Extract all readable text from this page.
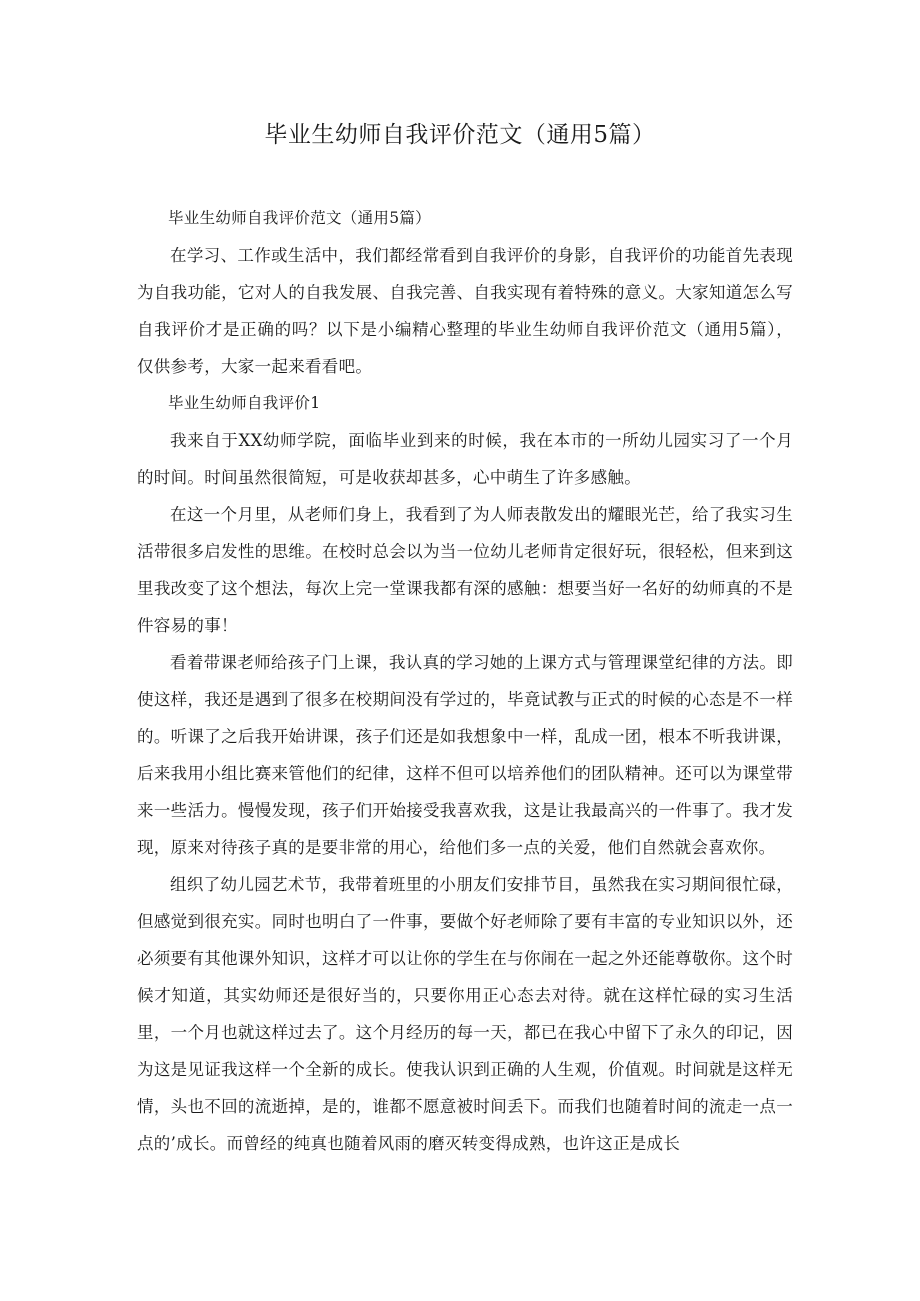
毕业生幼师自我评价范文（通用5篇）

毕业生幼师自我评价范文（通用5篇）

在学习、工作或生活中，我们都经常看到自我评价的身影，自我评价的功能首先表现为自我功能，它对人的自我发展、自我完善、自我实现有着特殊的意义。大家知道怎么写自我评价才是正确的吗？以下是小编精心整理的毕业生幼师自我评价范文（通用5篇），仅供参考，大家一起来看看吧。

毕业生幼师自我评价1

我来自于XX幼师学院，面临毕业到来的时候，我在本市的一所幼儿园实习了一个月的时间。时间虽然很简短，可是收获却甚多，心中萌生了许多感触。

在这一个月里，从老师们身上，我看到了为人师表散发出的耀眼光芒，给了我实习生活带很多启发性的思维。在校时总会以为当一位幼儿老师肯定很好玩，很轻松，但来到这里我改变了这个想法，每次上完一堂课我都有深的感触：想要当好一名好的幼师真的不是件容易的事！

看着带课老师给孩子门上课，我认真的学习她的上课方式与管理课堂纪律的方法。即使这样，我还是遇到了很多在校期间没有学过的，毕竟试教与正式的时候的心态是不一样的。听课了之后我开始讲课，孩子们还是如我想象中一样，乱成一团，根本不听我讲课，后来我用小组比赛来管他们的纪律，这样不但可以培养他们的团队精神。还可以为课堂带来一些活力。慢慢发现，孩子们开始接受我喜欢我，这是让我最高兴的一件事了。我才发现，原来对待孩子真的是要非常的用心，给他们多一点的关爱，他们自然就会喜欢你。

组织了幼儿园艺术节，我带着班里的小朋友们安排节目，虽然我在实习期间很忙碌，但感觉到很充实。同时也明白了一件事，要做个好老师除了要有丰富的专业知识以外，还必须要有其他课外知识，这样才可以让你的学生在与你闹在一起之外还能尊敬你。这个时候才知道，其实幼师还是很好当的，只要你用正心态去对待。就在这样忙碌的实习生活里，一个月也就这样过去了。这个月经历的每一天，都已在我心中留下了永久的印记，因为这是见证我这样一个全新的成长。使我认识到正确的人生观，价值观。时间就是这样无情，头也不回的流逝掉，是的，谁都不愿意被时间丢下。而我们也随着时间的流走一点一点的’成长。而曾经的纯真也随着风雨的磨灭转变得成熟，也许这正是成长
